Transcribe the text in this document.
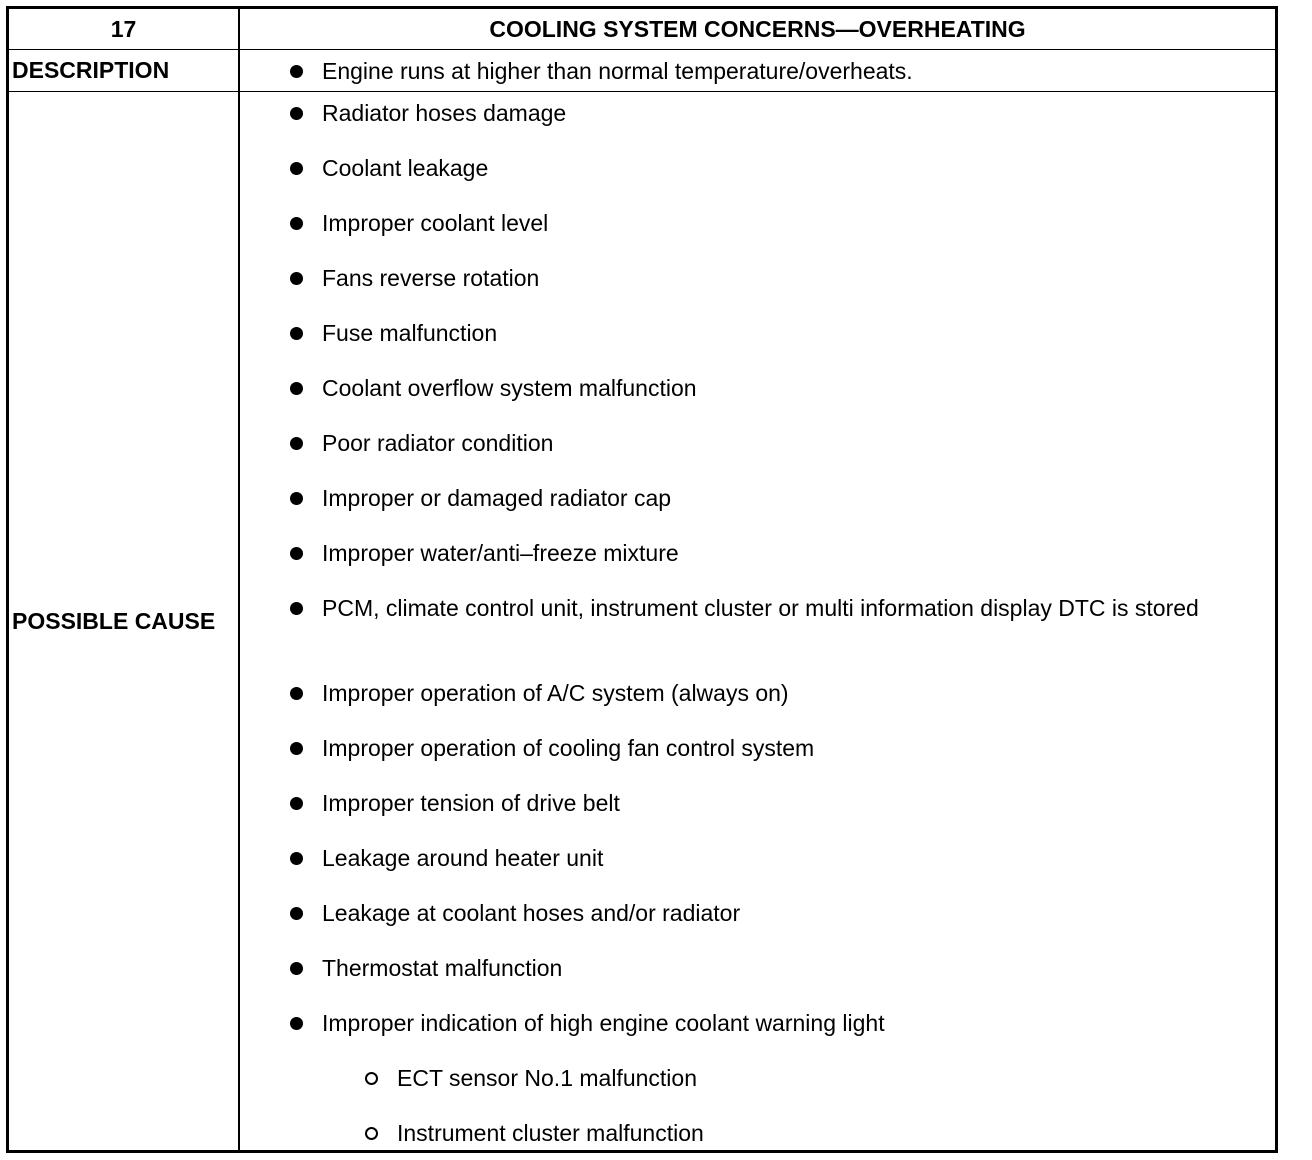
17	COOLING SYSTEM CONCERNS—OVERHEATING
DESCRIPTION	Engine runs at higher than normal temperature/overheats.
POSSIBLE CAUSE
Radiator hoses damage
Coolant leakage
Improper coolant level
Fans reverse rotation
Fuse malfunction
Coolant overflow system malfunction
Poor radiator condition
Improper or damaged radiator cap
Improper water/anti–freeze mixture
PCM, climate control unit, instrument cluster or multi information display DTC is stored
Improper operation of A/C system (always on)
Improper operation of cooling fan control system
Improper tension of drive belt
Leakage around heater unit
Leakage at coolant hoses and/or radiator
Thermostat malfunction
Improper indication of high engine coolant warning light
ECT sensor No.1 malfunction
Instrument cluster malfunction
